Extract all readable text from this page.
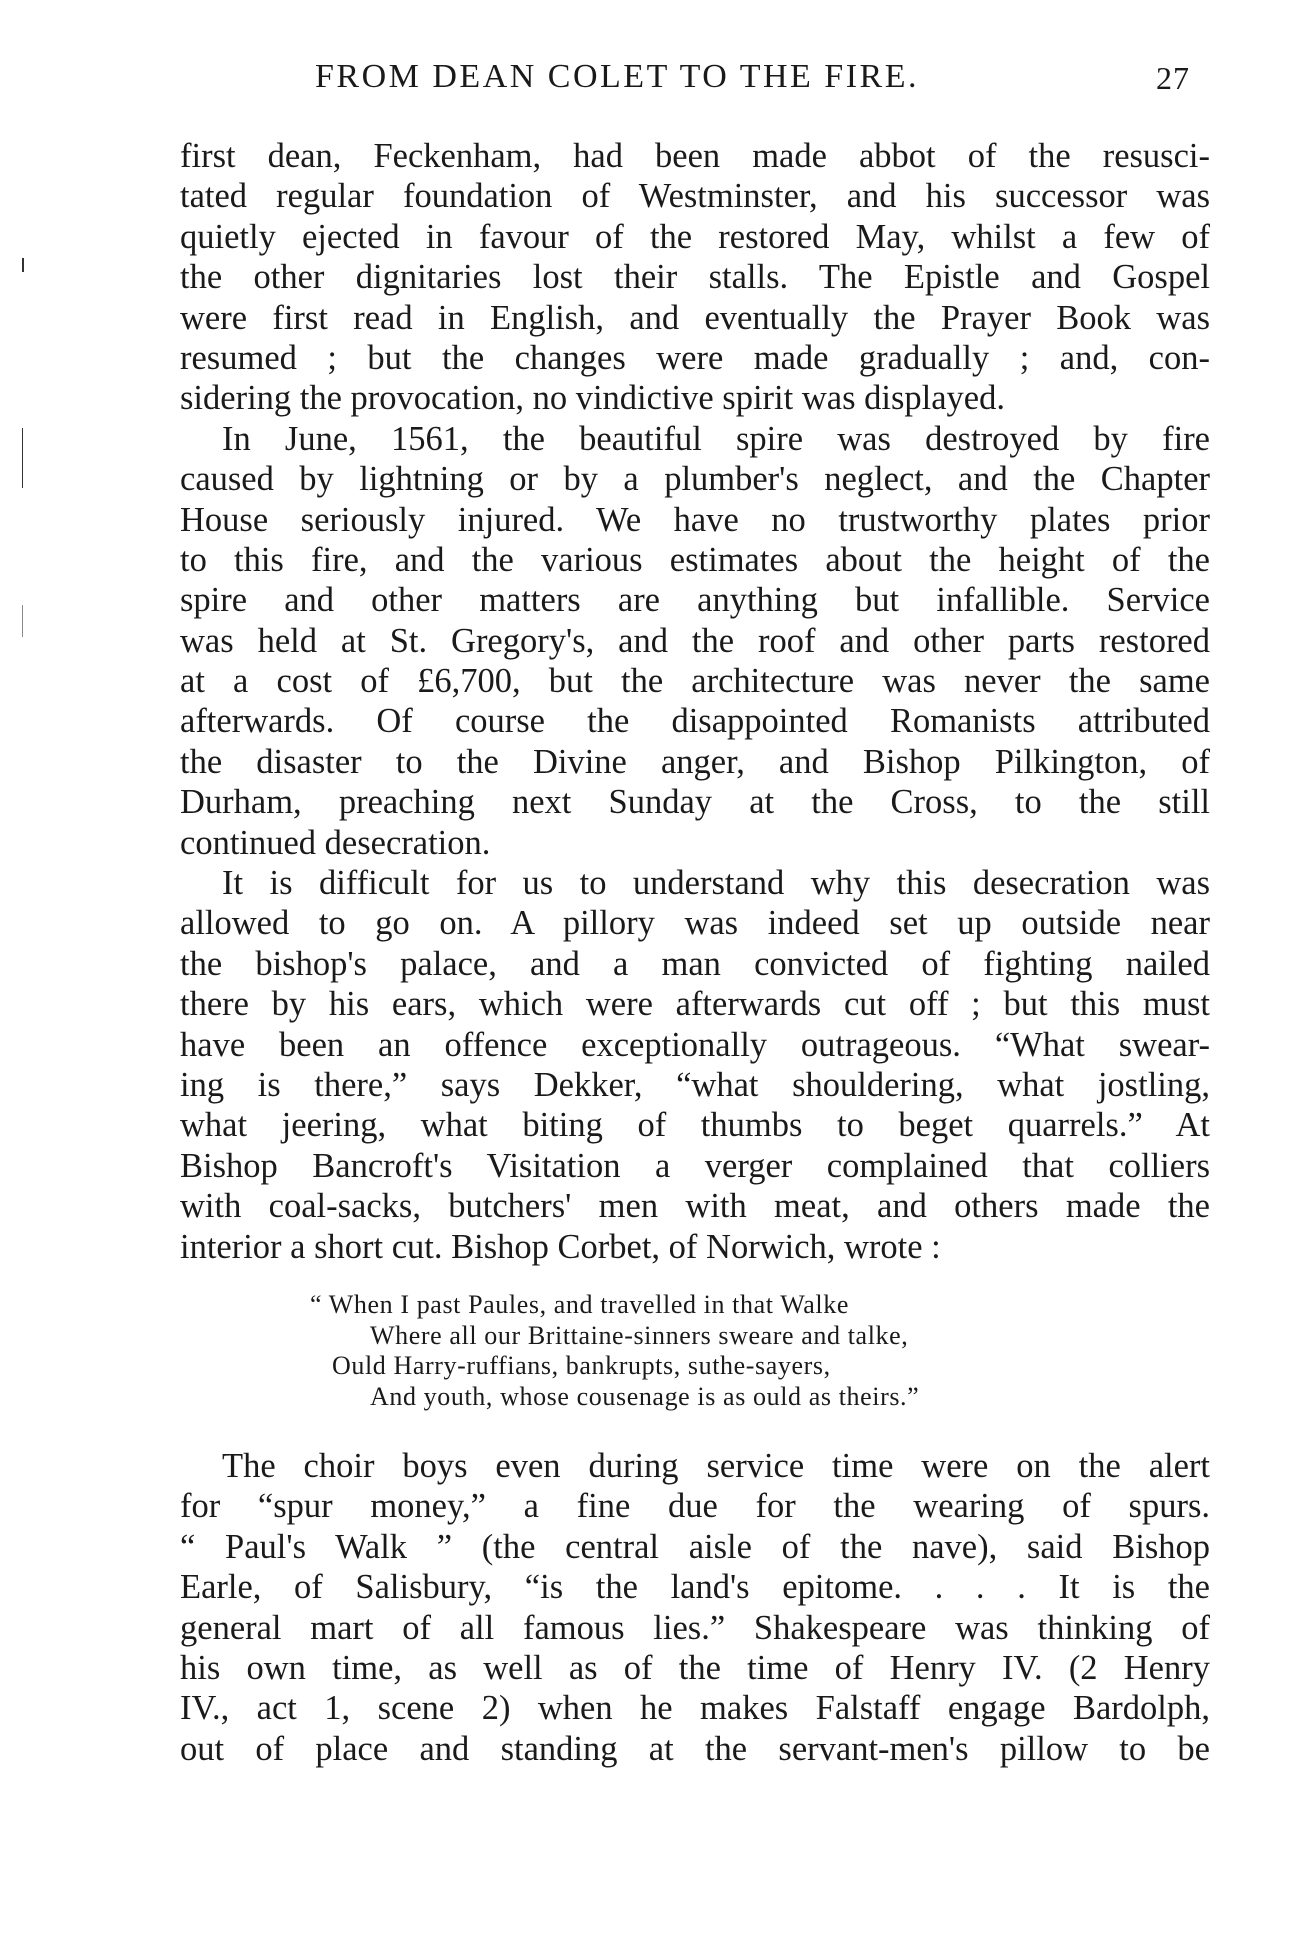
FROM DEAN COLET TO THE FIRE.	27
first dean, Feckenham, had been made abbot of the resusci-
tated regular foundation of Westminster, and his successor was
quietly ejected in favour of the restored May, whilst a few of
the other dignitaries lost their stalls. The Epistle and Gospel
were first read in English, and eventually the Prayer Book was
resumed ; but the changes were made gradually ; and, con-
sidering the provocation, no vindictive spirit was displayed.
In June, 1561, the beautiful spire was destroyed by fire
caused by lightning or by a plumber's neglect, and the Chapter
House seriously injured. We have no trustworthy plates prior
to this fire, and the various estimates about the height of the
spire and other matters are anything but infallible. Service
was held at St. Gregory's, and the roof and other parts restored
at a cost of £6,700, but the architecture was never the same
afterwards. Of course the disappointed Romanists attributed
the disaster to the Divine anger, and Bishop Pilkington, of
Durham, preaching next Sunday at the Cross, to the still
continued desecration.
It is difficult for us to understand why this desecration was
allowed to go on. A pillory was indeed set up outside near
the bishop's palace, and a man convicted of fighting nailed
there by his ears, which were afterwards cut off ; but this must
have been an offence exceptionally outrageous. “What swear-
ing is there,” says Dekker, “what shouldering, what jostling,
what jeering, what biting of thumbs to beget quarrels.” At
Bishop Bancroft's Visitation a verger complained that colliers
with coal-sacks, butchers' men with meat, and others made the
interior a short cut. Bishop Corbet, of Norwich, wrote :
“ When I past Paules, and travelled in that Walke
Where all our Brittaine-sinners sweare and talke,
Ould Harry-ruffians, bankrupts, suthe-sayers,
And youth, whose cousenage is as ould as theirs.”
The choir boys even during service time were on the alert
for “spur money,” a fine due for the wearing of spurs.
“ Paul's Walk ” (the central aisle of the nave), said Bishop
Earle, of Salisbury, “is the land's epitome. . . . It is the
general mart of all famous lies.” Shakespeare was thinking of
his own time, as well as of the time of Henry IV. (2 Henry
IV., act 1, scene 2) when he makes Falstaff engage Bardolph,
out of place and standing at the servant-men's pillow to be
